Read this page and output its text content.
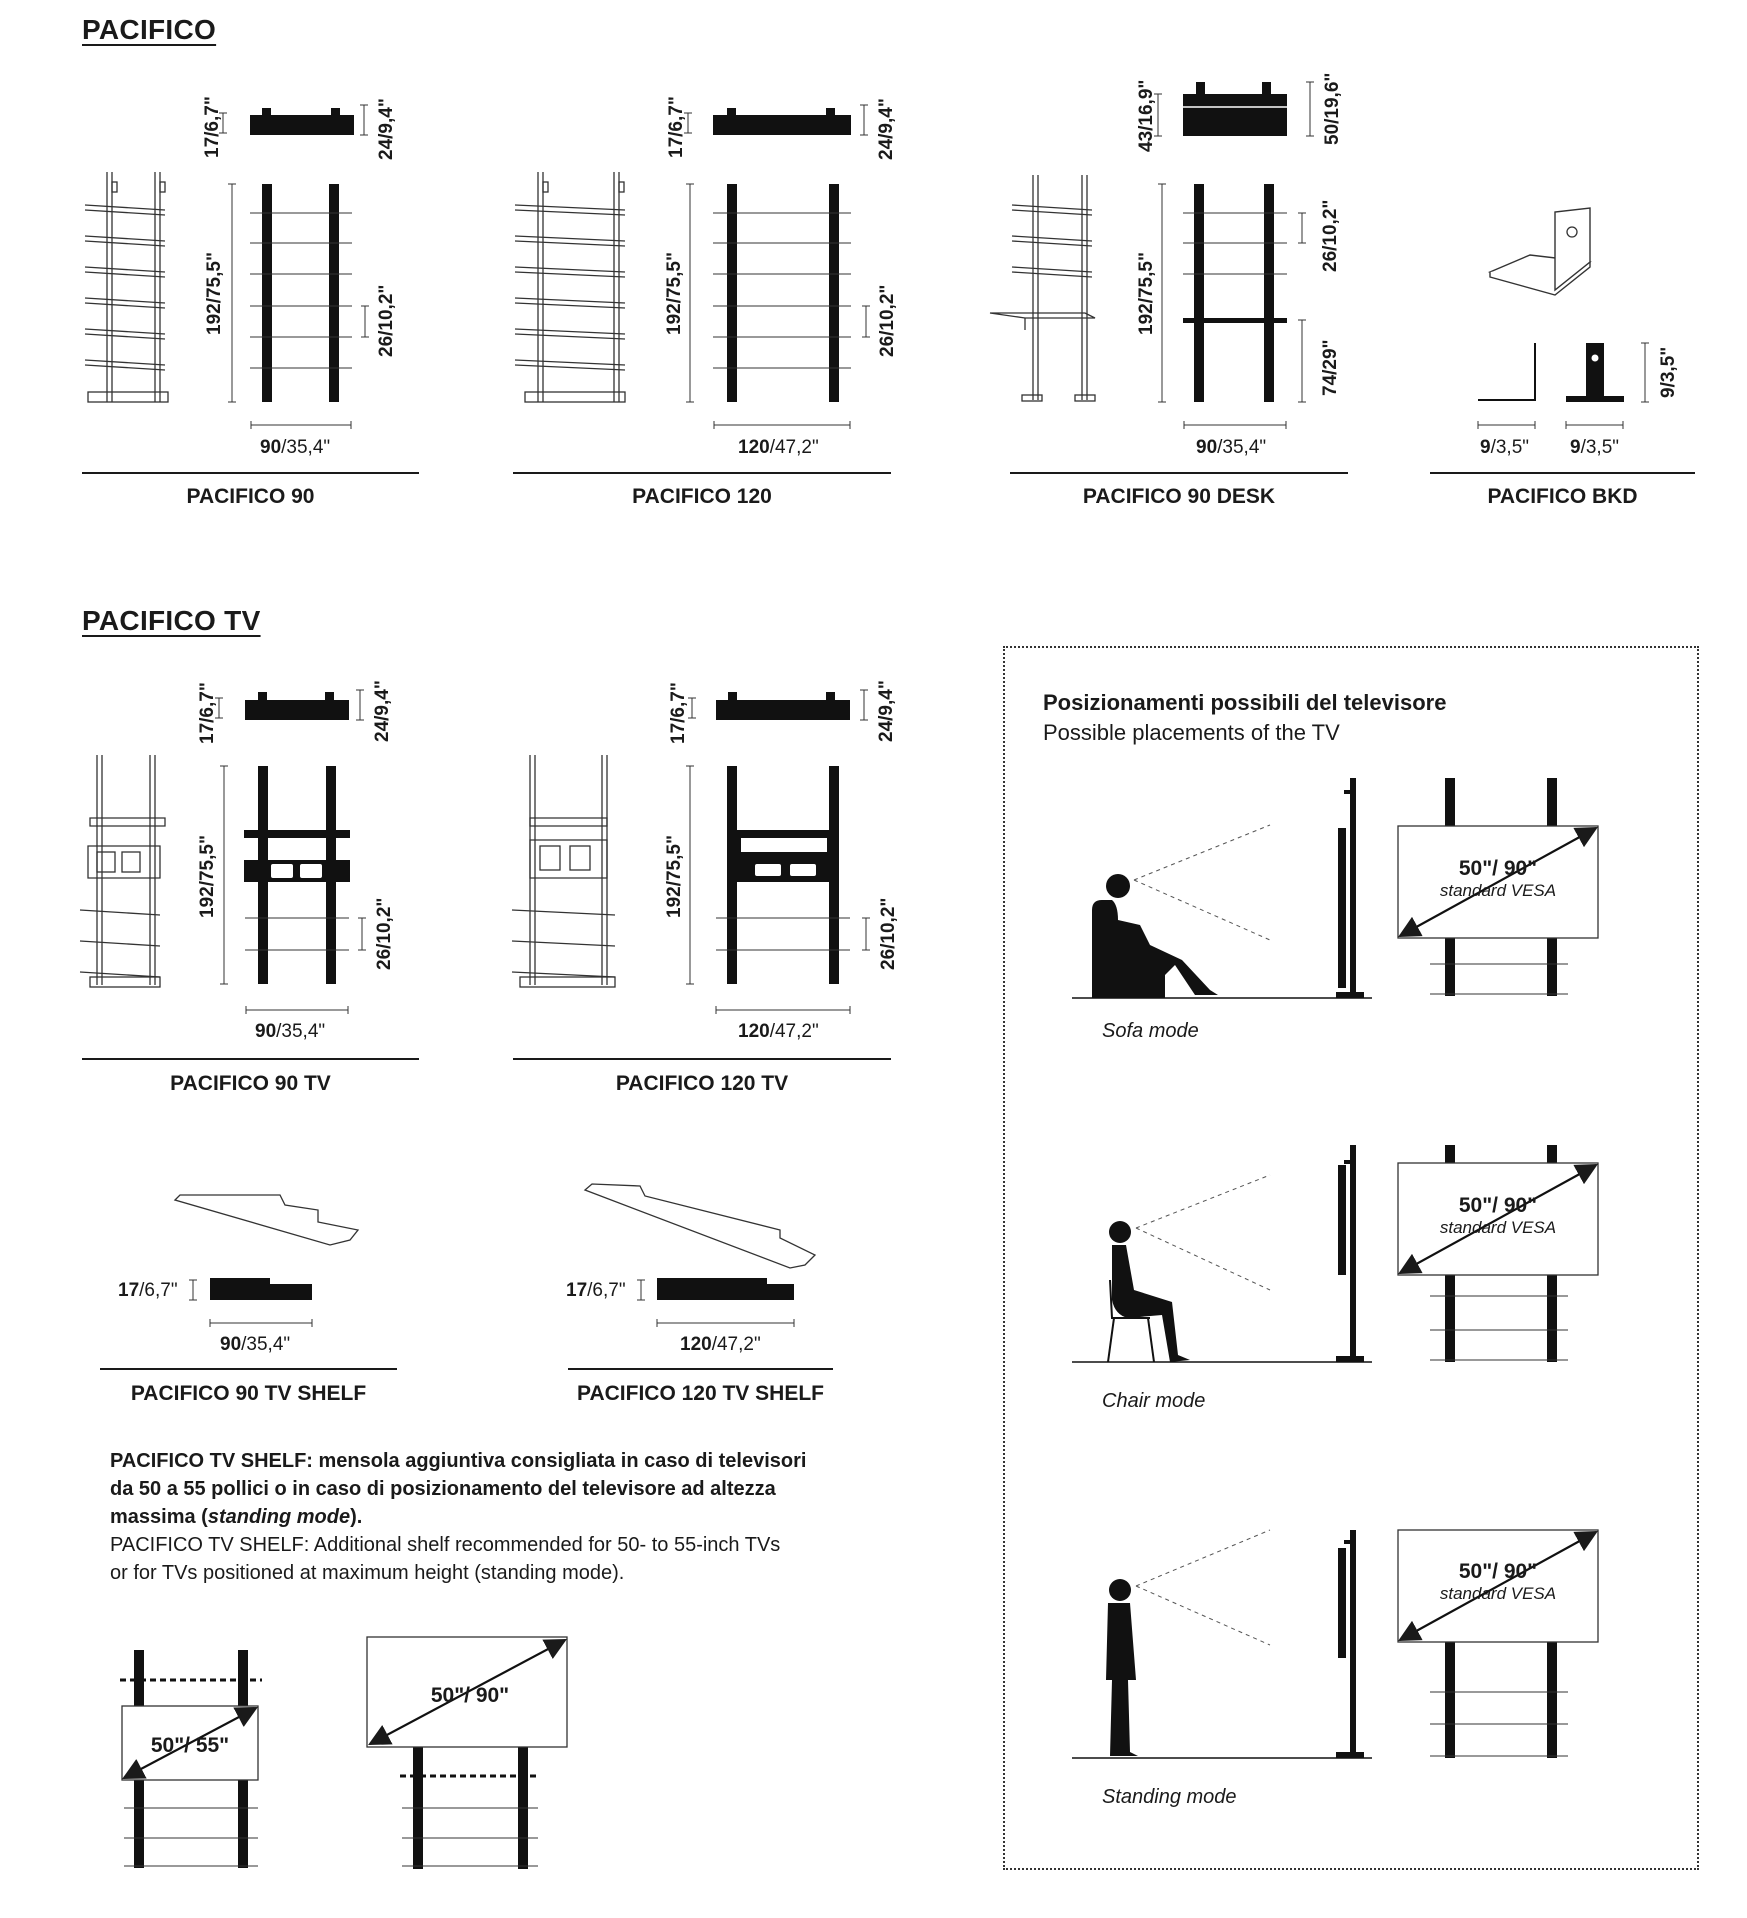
PACIFICO
PACIFICO TV
17/6,7"	24/9,4"
192/75,5"	26/10,2"
90/35,4"
17/6,7"	24/9,4"
192/75,5"	26/10,2"
120/47,2"
43/16,9"	50/19,6"
192/75,5"
26/10,2"
74/29"
90/35,4"	9/3,5" 9/3,5"
9/3,5"
17/6,7"	24/9,4"
192/75,5"
26/10,2"
90/35,4"
17/6,7"	24/9,4"
192/75,5"
26/10,2"
120/47,2"
17/6,7"
90/35,4"
17/6,7"
120/47,2"
50"/ 90"
standard VESA
50"/ 90"
standard VESA
50"/ 90"
standard VESA
50"/ 55"
50"/ 90"
PACIFICO 90	PACIFICO 120	PACIFICO 90 DESK	PACIFICO BKD
PACIFICO 90 TV	PACIFICO 120 TV
PACIFICO 90 TV SHELF	PACIFICO 120 TV SHELF
PACIFICO TV SHELF: mensola aggiuntiva consigliata in caso di televisori
da 50 a 55 pollici o in caso di posizionamento del televisore ad altezza
massima (standing mode).
PACIFICO TV SHELF: Additional shelf recommended for 50- to 55-inch TVs
or for TVs positioned at maximum height (standing mode).
Posizionamenti possibili del televisore
Possible placements of the TV
Sofa mode
Chair mode
Standing mode
